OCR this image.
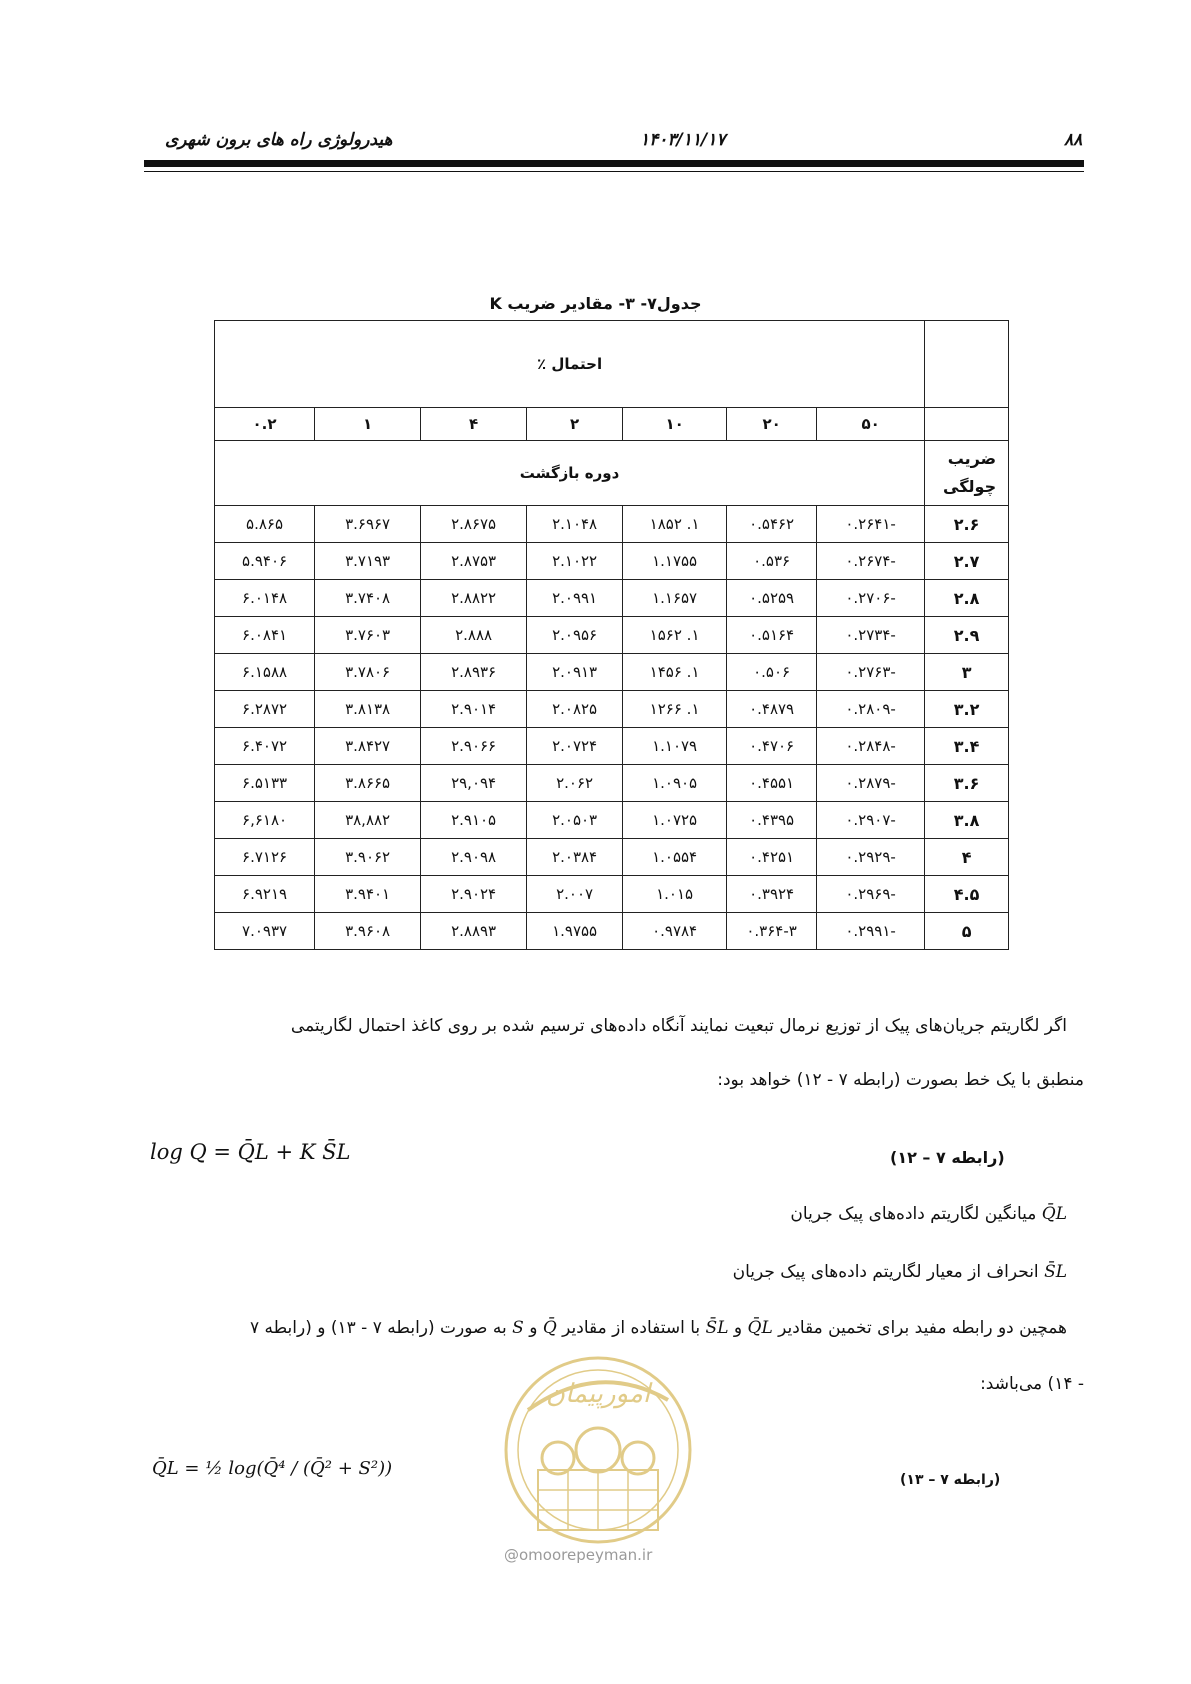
۸۸
۱۴۰۳/۱۱/۱۷
هیدرولوژی راه های برون شهری
جدول۷- ۳- مقادیر ضریب K
	احتمال ٪						
	۵۰	۲۰	۱۰	۲	۴	۱	۰.۲
ضریب چولگی	دوره بازگشت						
۲.۶	-۰.۲۶۴۱	۰.۵۴۶۲	۱. ۱۸۵۲	۲.۱۰۴۸	۲.۸۶۷۵	۳.۶۹۶۷	۵.۸۶۵
۲.۷	-۰.۲۶۷۴	۰.۵۳۶	۱.۱۷۵۵	۲.۱۰۲۲	۲.۸۷۵۳	۳.۷۱۹۳	۵.۹۴۰۶
۲.۸	-۰.۲۷۰۶	۰.۵۲۵۹	۱.۱۶۵۷	۲.۰۹۹۱	۲.۸۸۲۲	۳.۷۴۰۸	۶.۰۱۴۸
۲.۹	-۰.۲۷۳۴	۰.۵۱۶۴	۱. ۱۵۶۲	۲.۰۹۵۶	۲.۸۸۸	۳.۷۶۰۳	۶.۰۸۴۱
۳	-۰.۲۷۶۳	۰.۵۰۶	۱. ۱۴۵۶	۲.۰۹۱۳	۲.۸۹۳۶	۳.۷۸۰۶	۶.۱۵۸۸
۳.۲	-۰.۲۸۰۹	۰.۴۸۷۹	۱. ۱۲۶۶	۲.۰۸۲۵	۲.۹۰۱۴	۳.۸۱۳۸	۶.۲۸۷۲
۳.۴	-۰.۲۸۴۸	۰.۴۷۰۶	۱.۱۰۷۹	۲.۰۷۲۴	۲.۹۰۶۶	۳.۸۴۲۷	۶.۴۰۷۲
۳.۶	-۰.۲۸۷۹	۰.۴۵۵۱	۱.۰۹۰۵	۲.۰۶۲	۲۹,۰۹۴	۳.۸۶۶۵	۶.۵۱۳۳
۳.۸	-۰.۲۹۰۷	۰.۴۳۹۵	۱.۰۷۲۵	۲.۰۵۰۳	۲.۹۱۰۵	۳۸,۸۸۲	۶,۶۱۸۰
۴	-۰.۲۹۲۹	۰.۴۲۵۱	۱.۰۵۵۴	۲.۰۳۸۴	۲.۹۰۹۸	۳.۹۰۶۲	۶.۷۱۲۶
۴.۵	-۰.۲۹۶۹	۰.۳۹۲۴	۱.۰۱۵	۲.۰۰۷	۲.۹۰۲۴	۳.۹۴۰۱	۶.۹۲۱۹
۵	-۰.۲۹۹۱	۰.۳۶۴-۳	۰.۹۷۸۴	۱.۹۷۵۵	۲.۸۸۹۳	۳.۹۶۰۸	۷.۰۹۳۷
اگر لگاریتم جریان‌های پیک از توزیع نرمال تبعیت نمایند آنگاه داده‌های ترسیم شده بر روی کاغذ احتمال لگاریتمی
منطبق با یک خط بصورت (رابطه ۷ - ۱۲) خواهد بود:
log Q = Q̄L + K S̄L	(رابطه ۷ – ۱۲)
Q̄L میانگین لگاریتم داده‌های پیک جریان
S̄L انحراف از معیار لگاریتم داده‌های پیک جریان
همچین دو رابطه مفید برای تخمین مقادیر Q̄L و S̄L با استفاده از مقادیر Q̄ و S به صورت (رابطه ۷ - ۱۳) و (رابطه ۷
- ۱۴) می‌باشد:
Q̄L = ½ log(Q̄⁴ / (Q̄² + S²))
(رابطه ۷ – ۱۳)
امورپیمان
@omoorepeyman.ir
